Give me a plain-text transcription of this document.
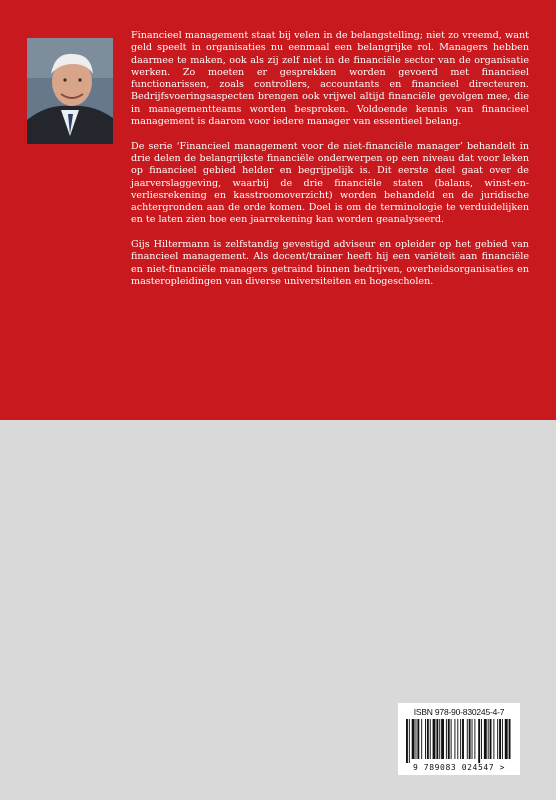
Financieel management staat bij velen in de belangstelling; niet zo vreemd, want geld speelt in organisaties nu eenmaal een belangrijke rol. Managers hebben daarmee te maken, ook als zij zelf niet in de financiële sector van de organisatie werken. Zo moeten er gesprekken worden gevoerd met financieel functionarissen, zoals controllers, accountants en financieel directeuren. Bedrijfsvoeringsaspecten brengen ook vrijwel altijd financiële gevolgen mee, die in managementteams worden besproken. Voldoende kennis van financieel management is daarom voor iedere manager van essentieel belang.

De serie ‘Financieel management voor de niet-financiële manager’ behandelt in drie delen de belangrijkste financiële onderwerpen op een niveau dat voor leken op financieel gebied helder en begrijpelijk is. Dit eerste deel gaat over de jaarverslaggeving, waarbij de drie financiële staten (balans, winst-en-verliesrekening en kasstroomoverzicht) worden behandeld en de juridische achtergronden aan de orde komen. Doel is om de terminologie te verduidelijken en te laten zien hoe een jaarrekening kan worden geanalyseerd.

Gijs Hiltermann is zelfstandig gevestigd adviseur en opleider op het gebied van financieel management. Als docent/trainer heeft hij een variëteit aan financiële en niet-financiële managers getraind binnen bedrijven, overheidsorganisaties en masteropleidingen van diverse universiteiten en hogescholen.

ISBN 978-90-830245-4-7
9 789083 024547 >
